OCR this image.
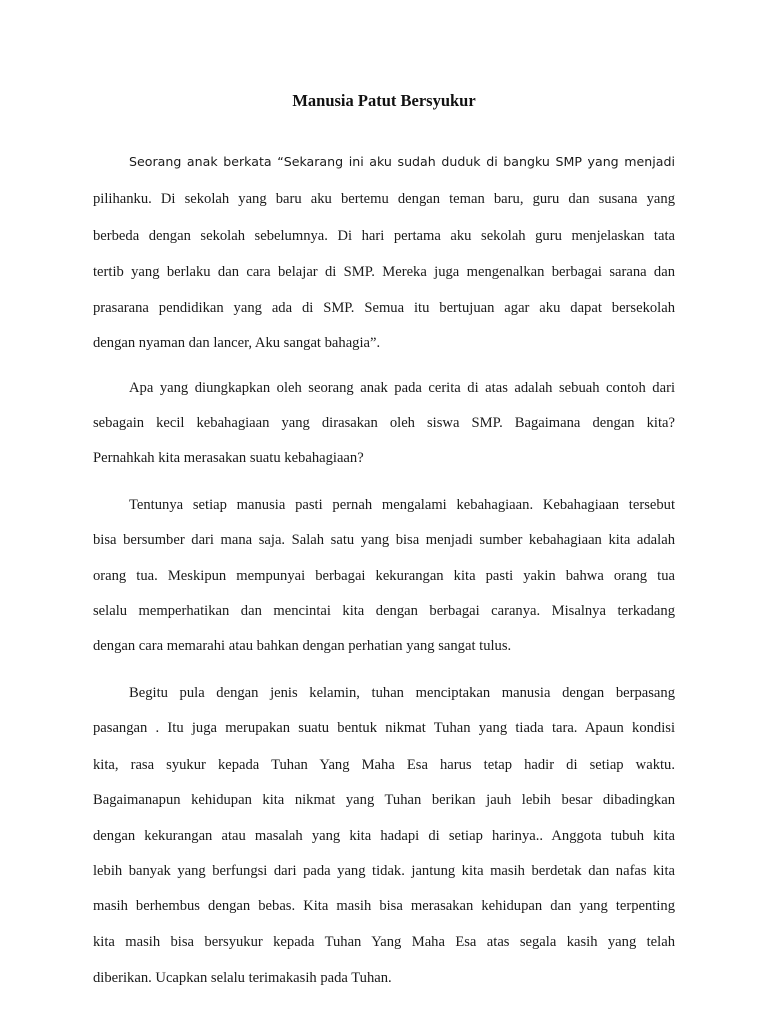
Manusia Patut Bersyukur

Seorang anak berkata “Sekarang ini aku sudah duduk di bangku SMP yang menjadi

pilihanku. Di sekolah yang baru aku bertemu dengan teman baru, guru dan susana yang

berbeda dengan sekolah sebelumnya. Di hari pertama aku sekolah guru menjelaskan tata

tertib yang berlaku dan cara belajar di SMP. Mereka juga mengenalkan berbagai sarana dan

prasarana pendidikan yang ada di SMP. Semua itu bertujuan agar aku dapat bersekolah

dengan nyaman dan lancer, Aku sangat bahagia”.

Apa yang diungkapkan oleh seorang anak pada cerita di atas adalah sebuah contoh dari

sebagain kecil kebahagiaan yang dirasakan oleh siswa SMP. Bagaimana dengan kita?

Pernahkah kita merasakan suatu kebahagiaan?

Tentunya setiap manusia pasti pernah mengalami kebahagiaan. Kebahagiaan tersebut

bisa bersumber dari mana saja. Salah satu yang bisa menjadi sumber kebahagiaan kita adalah

orang tua. Meskipun mempunyai berbagai kekurangan kita pasti yakin bahwa orang tua

selalu memperhatikan dan mencintai kita dengan berbagai caranya. Misalnya terkadang

dengan cara memarahi atau bahkan dengan perhatian yang sangat tulus.

Begitu pula dengan jenis kelamin, tuhan menciptakan manusia dengan berpasang

pasangan . Itu juga merupakan suatu bentuk nikmat Tuhan yang tiada tara. Apaun kondisi

kita, rasa syukur kepada Tuhan Yang Maha Esa harus tetap hadir di setiap waktu.

Bagaimanapun kehidupan kita nikmat yang Tuhan berikan jauh lebih besar dibadingkan

dengan kekurangan atau masalah yang kita hadapi di setiap harinya.. Anggota tubuh kita

lebih banyak yang berfungsi dari pada yang tidak. jantung kita masih berdetak dan nafas kita

masih berhembus dengan bebas. Kita masih bisa merasakan kehidupan dan yang terpenting

kita masih bisa bersyukur kepada Tuhan Yang Maha Esa atas segala kasih yang telah

diberikan. Ucapkan selalu terimakasih pada Tuhan.
